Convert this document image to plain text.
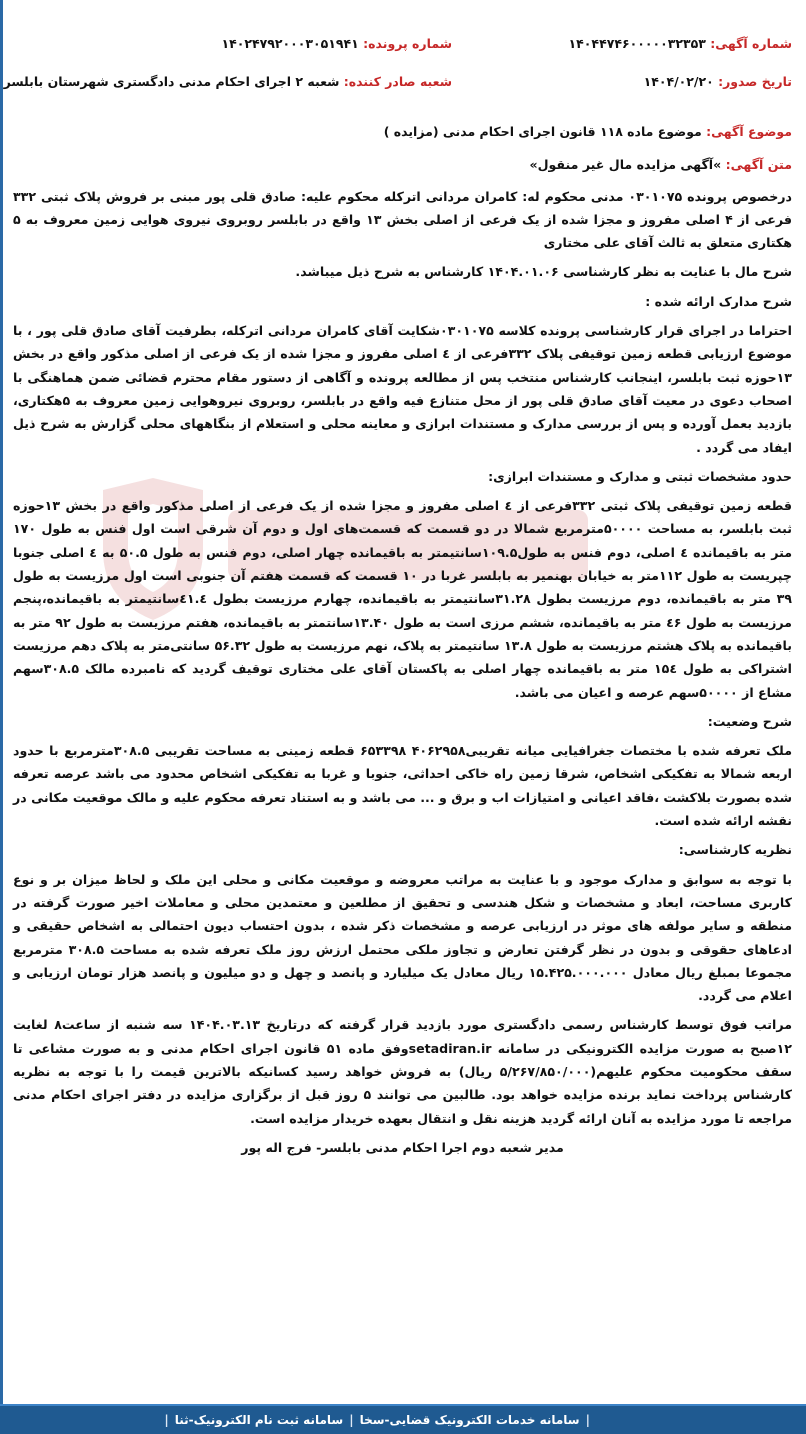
شماره آگهی: ۱۴۰۴۴۷۴۶۰۰۰۰۰۳۲۳۵۳
شماره پرونده: ۱۴۰۲۴۷۹۲۰۰۰۳۰۵۱۹۴۱
تاریخ صدور: ۱۴۰۴/۰۲/۲۰
شعبه صادر کننده: شعبه ۲ اجرای احکام مدنی دادگستری شهرستان بابلسر
موضوع آگهی: موضوع ماده ۱۱۸ قانون اجرای احکام مدنی (مزایده )
متن آگهی: »آگهی مزایده مال غیر منقول»

درخصوص پرونده ۰۳۰۱۰۷۵ مدنی محکوم له: کامران مردانی اترکله محکوم علیه: صادق قلی پور مبنی بر فروش پلاک ثبتی ۳۳۲ فرعی از ۴ اصلی مفروز و مجزا شده از یک فرعی از اصلی بخش ۱۳ واقع در بابلسر روبروی نیروی هوایی زمین معروف به ۵ هکتاری متعلق به ثالث آقای علی مختاری

شرح مال با عنایت به نظر کارشناسی ۱۴۰۴.۰۱.۰۶ کارشناس به شرح ذیل میباشد.

شرح مدارک ارائه شده :

احتراما در اجرای قرار کارشناسی پرونده کلاسه ۰۳۰۱۰۷۵شکایت آقای کامران مردانی اترکله، بطرفیت آقای صادق قلی پور ، با موضوع ارزیابی قطعه زمین توقیفی پلاک ۳۳۲فرعی از ٤ اصلی مفروز و مجزا شده از یک فرعی از اصلی مذکور واقع در بخش ۱۳حوزه ثبت بابلسر، اینجانب کارشناس منتخب پس از مطالعه پرونده و آگاهی از دستور مقام محترم قضائی ضمن هماهنگی با اصحاب دعوی در معیت آقای صادق قلی پور از محل متنازع فیه واقع در بابلسر، روبروی نیروهوایی زمین معروف به ۵هکتاری، بازدید بعمل آورده و پس از بررسی مدارک و مستندات ابرازی و معاینه محلی و استعلام از بنگاههای محلی گزارش به شرح ذیل ایفاد می گردد .

حدود مشخصات ثبتی و مدارک و مستندات ابرازی:

قطعه زمین توقیفی پلاک ثبتی ۳۳۲فرعی از ٤ اصلی مفروز و مجزا شده از یک فرعی از اصلی مذکور واقع در بخش ۱۳حوزه ثبت بابلسر، به مساحت ۵۰۰۰۰مترمربع شمالا در دو قسمت که قسمت‌های اول و دوم آن شرقی است اول فنس به طول ۱۷۰ متر به باقیمانده ٤ اصلی، دوم فنس به طول۱۰۹.۵سانتیمتر به باقیمانده چهار اصلی، دوم فنس به طول ۵۰.۵ به ٤ اصلی جنوبا چپریست به طول ۱۱۲متر به خیابان بهنمیر به بابلسر غربا در ۱۰ قسمت که قسمت هفتم آن جنوبی است اول مرزیست به طول ۳۹ متر به باقیمانده، دوم مرزیست بطول ۳۱.۲۸سانتیمتر به باقیمانده، چهارم مرزیست بطول ٤۱.٤سانتیمتر به باقیمانده،پنجم مرزیست به طول ٤۶ متر به باقیمانده، ششم مرزی است به طول ۱۳.۴۰سانتمتر به باقیمانده، هفتم مرزیست به طول ۹۲ متر به باقیمانده به پلاک هشتم مرزیست به طول ۱۳.۸ سانتیمتر به پلاک، نهم مرزیست به طول ۵۶.۳۲ سانتی‌متر به پلاک دهم مرزیست اشتراکی به طول ۱۵٤ متر به باقیمانده چهار اصلی به پاکستان آقای علی مختاری توقیف گردید که نامبرده مالک ۳۰۸.۵سهم مشاع از ۵۰۰۰۰سهم عرصه و اعیان می باشد.

شرح وضعیت:

ملک تعرفه شده با مختصات جغرافیایی میانه تقریبی۴۰۶۲۹۵۸ ۶۵۳۳۹۸ قطعه زمینی به مساحت تقریبی ۳۰۸.۵مترمربع با حدود اربعه شمالا به تفکیکی اشخاص، شرقا زمین راه خاکی احداثی، جنوبا و غربا به تفکیکی اشخاص محدود می باشد عرصه تعرفه شده بصورت بلاکشت ،فاقد اعیانی و امتیازات اب و برق و ... می باشد و به استناد تعرفه محکوم علیه و مالک موقعیت مکانی در نقشه ارائه شده است.

نظریه کارشناسی:

با توجه به سوابق و مدارک موجود و با عنایت به مراتب معروضه و موقعیت مکانی و محلی این ملک و لحاظ میزان بر و نوع کاربری مساحت، ابعاد و مشخصات و شکل هندسی و تحقیق از مطلعین و معتمدین محلی و معاملات اخیر صورت گرفته در منطقه و سایر مولفه های موثر در ارزیابی عرصه و مشخصات ذکر شده ، بدون احتساب دیون احتمالی به اشخاص حقیقی و ادعاهای حقوقی و بدون در نظر گرفتن تعارض و تجاوز ملکی محتمل ارزش روز ملک تعرفه شده به مساحت ۳۰۸.۵ مترمربع مجموعا بمبلغ ریال معادل ۱۵.۴۲۵.۰۰۰.۰۰۰ ریال معادل یک میلیارد و پانصد و چهل و دو میلیون و پانصد هزار تومان ارزیابی و اعلام می گردد.

مراتب فوق توسط کارشناس رسمی دادگستری مورد بازدید قرار گرفته که درتاریخ ۱۴۰۴.۰۳.۱۳ سه شنبه از ساعت۸ لغایت ۱۲صبح به صورت مزایده الکترونیکی در سامانه setadiran.irوفق ماده ۵۱ قانون اجرای احکام مدنی و به صورت مشاعی تا سقف محکومیت محکوم علیهم(۵/۲۶۷/۸۵۰/۰۰۰ ریال) به فروش خواهد رسید کسانیکه بالاترین قیمت را با توجه به نظریه کارشناس پرداخت نماید برنده مزایده خواهد بود. طالبین می توانند ۵ روز قبل از برگزاری مزایده در دفتر اجرای احکام مدنی مراجعه تا مورد مزایده به آنان ارائه گردید هزینه نقل و انتقال بعهده خریدار مزایده است.

مدیر شعبه دوم اجرا احکام مدنی بابلسر- فرج اله پور

|
سامانه خدمات الکترونیک قضایی-سخا
|
سامانه ثبت نام الکترونیک-ثنا
|
